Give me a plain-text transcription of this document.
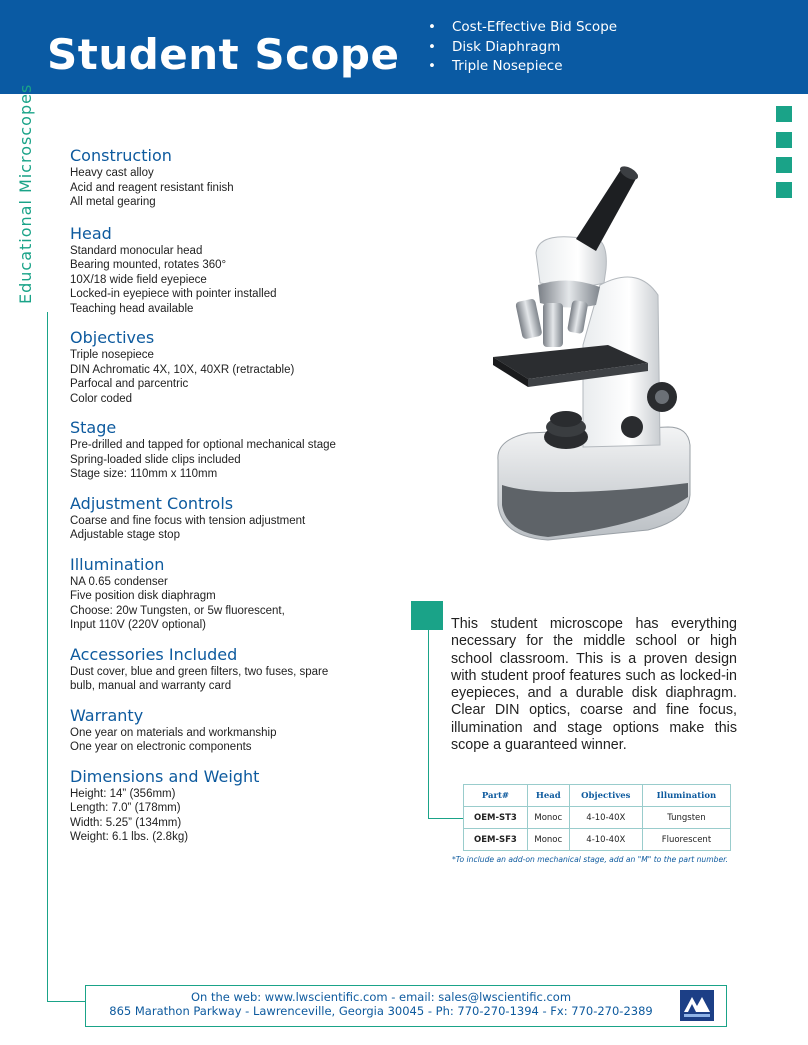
Student Scope
• Cost-Effective Bid Scope
• Disk Diaphragm
• Triple Nosepiece
Educational Microscopes Construction
Heavy cast alloy
Acid and reagent resistant finish
All metal gearing
Head
Standard monocular head
Bearing mounted, rotates 360°
10X/18 wide field eyepiece
Locked-in eyepiece with pointer installed
Teaching head available
Objectives
Triple nosepiece
DIN Achromatic 4X, 10X, 40XR (retractable)
Parfocal and parcentric
Color coded
Stage
Pre-drilled and tapped for optional mechanical stage
Spring-loaded slide clips included
Stage size: 110mm x 110mm
Adjustment Controls
Coarse and fine focus with tension adjustment
Adjustable stage stop
Illumination
NA 0.65 condenser
Five position disk diaphragm
Choose: 20w Tungsten, or 5w fluorescent,
Input 110V (220V optional)
Accessories Included
Dust cover, blue and green filters, two fuses, spare
bulb, manual and warranty card
Warranty
One year on materials and workmanship
One year on electronic components
Dimensions and Weight
Height: 14” (356mm)
Length: 7.0” (178mm)
Width: 5.25” (134mm)
Weight: 6.1 lbs. (2.8kg)
This student microscope has everything necessary for the middle school or high school classroom. This is a proven design with student proof features such as locked-in eyepieces, and a durable disk diaphragm. Clear DIN optics, coarse and fine focus, illumination and stage options make this scope a guaranteed winner.
Part#	Head	Objectives	Illumination
OEM-ST3	Monoc	4-10-40X	Tungsten
OEM-SF3	Monoc	4-10-40X	Fluorescent
*To include an add-on mechanical stage, add an "M" to the part number.
On the web: www.lwscientific.com - email: sales@lwscientific.com
865 Marathon Parkway - Lawrenceville, Georgia 30045 - Ph: 770-270-1394 - Fx: 770-270-2389
